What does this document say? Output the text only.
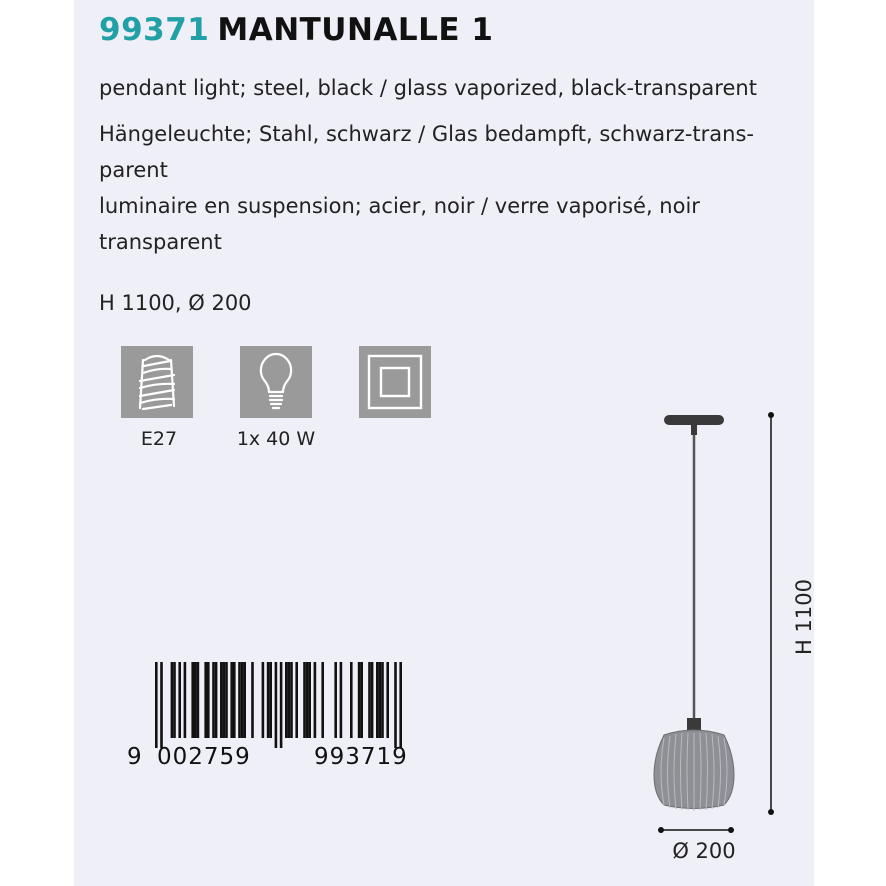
99371 MANTUNALLE 1
pendant light; steel, black / glass vaporized, black-transparent
Hängeleuchte; Stahl, schwarz / Glas bedampft, schwarz-trans-parent
luminaire en suspension; acier, noir / verre vaporisé, noir transparent
H 1100, Ø 200
E27	1x 40 W
9 002759	993719
Ø 200
H 1100
